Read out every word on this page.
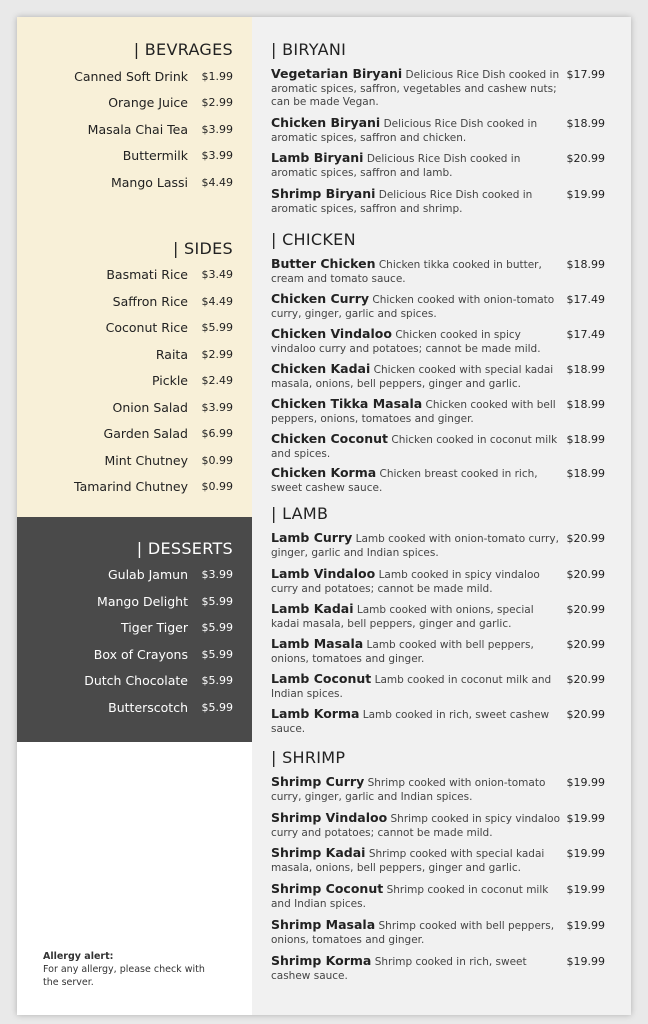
| BEVRAGES
Canned Soft Drink $1.99
Orange Juice $2.99
Masala Chai Tea $3.99
Buttermilk $3.99
Mango Lassi $4.49
| SIDES
Basmati Rice $3.49
Saffron Rice $4.49
Coconut Rice $5.99
Raita $2.99
Pickle $2.49
Onion Salad $3.99
Garden Salad $6.99
Mint Chutney $0.99
Tamarind Chutney $0.99
| DESSERTS
Gulab Jamun $3.99
Mango Delight $5.99
Tiger Tiger $5.99
Box of Crayons $5.99
Dutch Chocolate $5.99
Butterscotch $5.99
Allergy alert:
For any allergy, please check with the server.
| BIRYANI
Vegetarian Biryani Delicious Rice Dish cooked in aromatic spices, saffron, vegetables and cashew nuts; can be made Vegan.
$17.99
Chicken Biryani Delicious Rice Dish cooked in aromatic spices, saffron and chicken.
$18.99
Lamb Biryani Delicious Rice Dish cooked in aromatic spices, saffron and lamb.
$20.99
Shrimp Biryani Delicious Rice Dish cooked in aromatic spices, saffron and shrimp.
$19.99
| CHICKEN
Butter Chicken Chicken tikka cooked in butter, cream and tomato sauce.
$18.99
Chicken Curry Chicken cooked with onion-tomato curry, ginger, garlic and spices.
$17.49
Chicken Vindaloo Chicken cooked in spicy vindaloo curry and potatoes; cannot be made mild.
$17.49
Chicken Kadai Chicken cooked with special kadai masala, onions, bell peppers, ginger and garlic.
$18.99
Chicken Tikka Masala Chicken cooked with bell peppers, onions, tomatoes and ginger.
$18.99
Chicken Coconut Chicken cooked in coconut milk and spices.
$18.99
Chicken Korma Chicken breast cooked in rich, sweet cashew sauce.
$18.99
| LAMB
Lamb Curry Lamb cooked with onion-tomato curry, ginger, garlic and Indian spices.
$20.99
Lamb Vindaloo Lamb cooked in spicy vindaloo curry and potatoes; cannot be made mild.
$20.99
Lamb Kadai Lamb cooked with onions, special kadai masala, bell peppers, ginger and garlic.
$20.99
Lamb Masala Lamb cooked with bell peppers, onions, tomatoes and ginger.
$20.99
Lamb Coconut Lamb cooked in coconut milk and Indian spices.
$20.99
Lamb Korma Lamb cooked in rich, sweet cashew sauce.
$20.99
| SHRIMP
Shrimp Curry Shrimp cooked with onion-tomato curry, ginger, garlic and Indian spices.
$19.99
Shrimp Vindaloo Shrimp cooked in spicy vindaloo curry and potatoes; cannot be made mild.
$19.99
Shrimp Kadai Shrimp cooked with special kadai masala, onions, bell peppers, ginger and garlic.
$19.99
Shrimp Coconut Shrimp cooked in coconut milk and Indian spices.
$19.99
Shrimp Masala Shrimp cooked with bell peppers, onions, tomatoes and ginger.
$19.99
Shrimp Korma Shrimp cooked in rich, sweet cashew sauce.
$19.99
